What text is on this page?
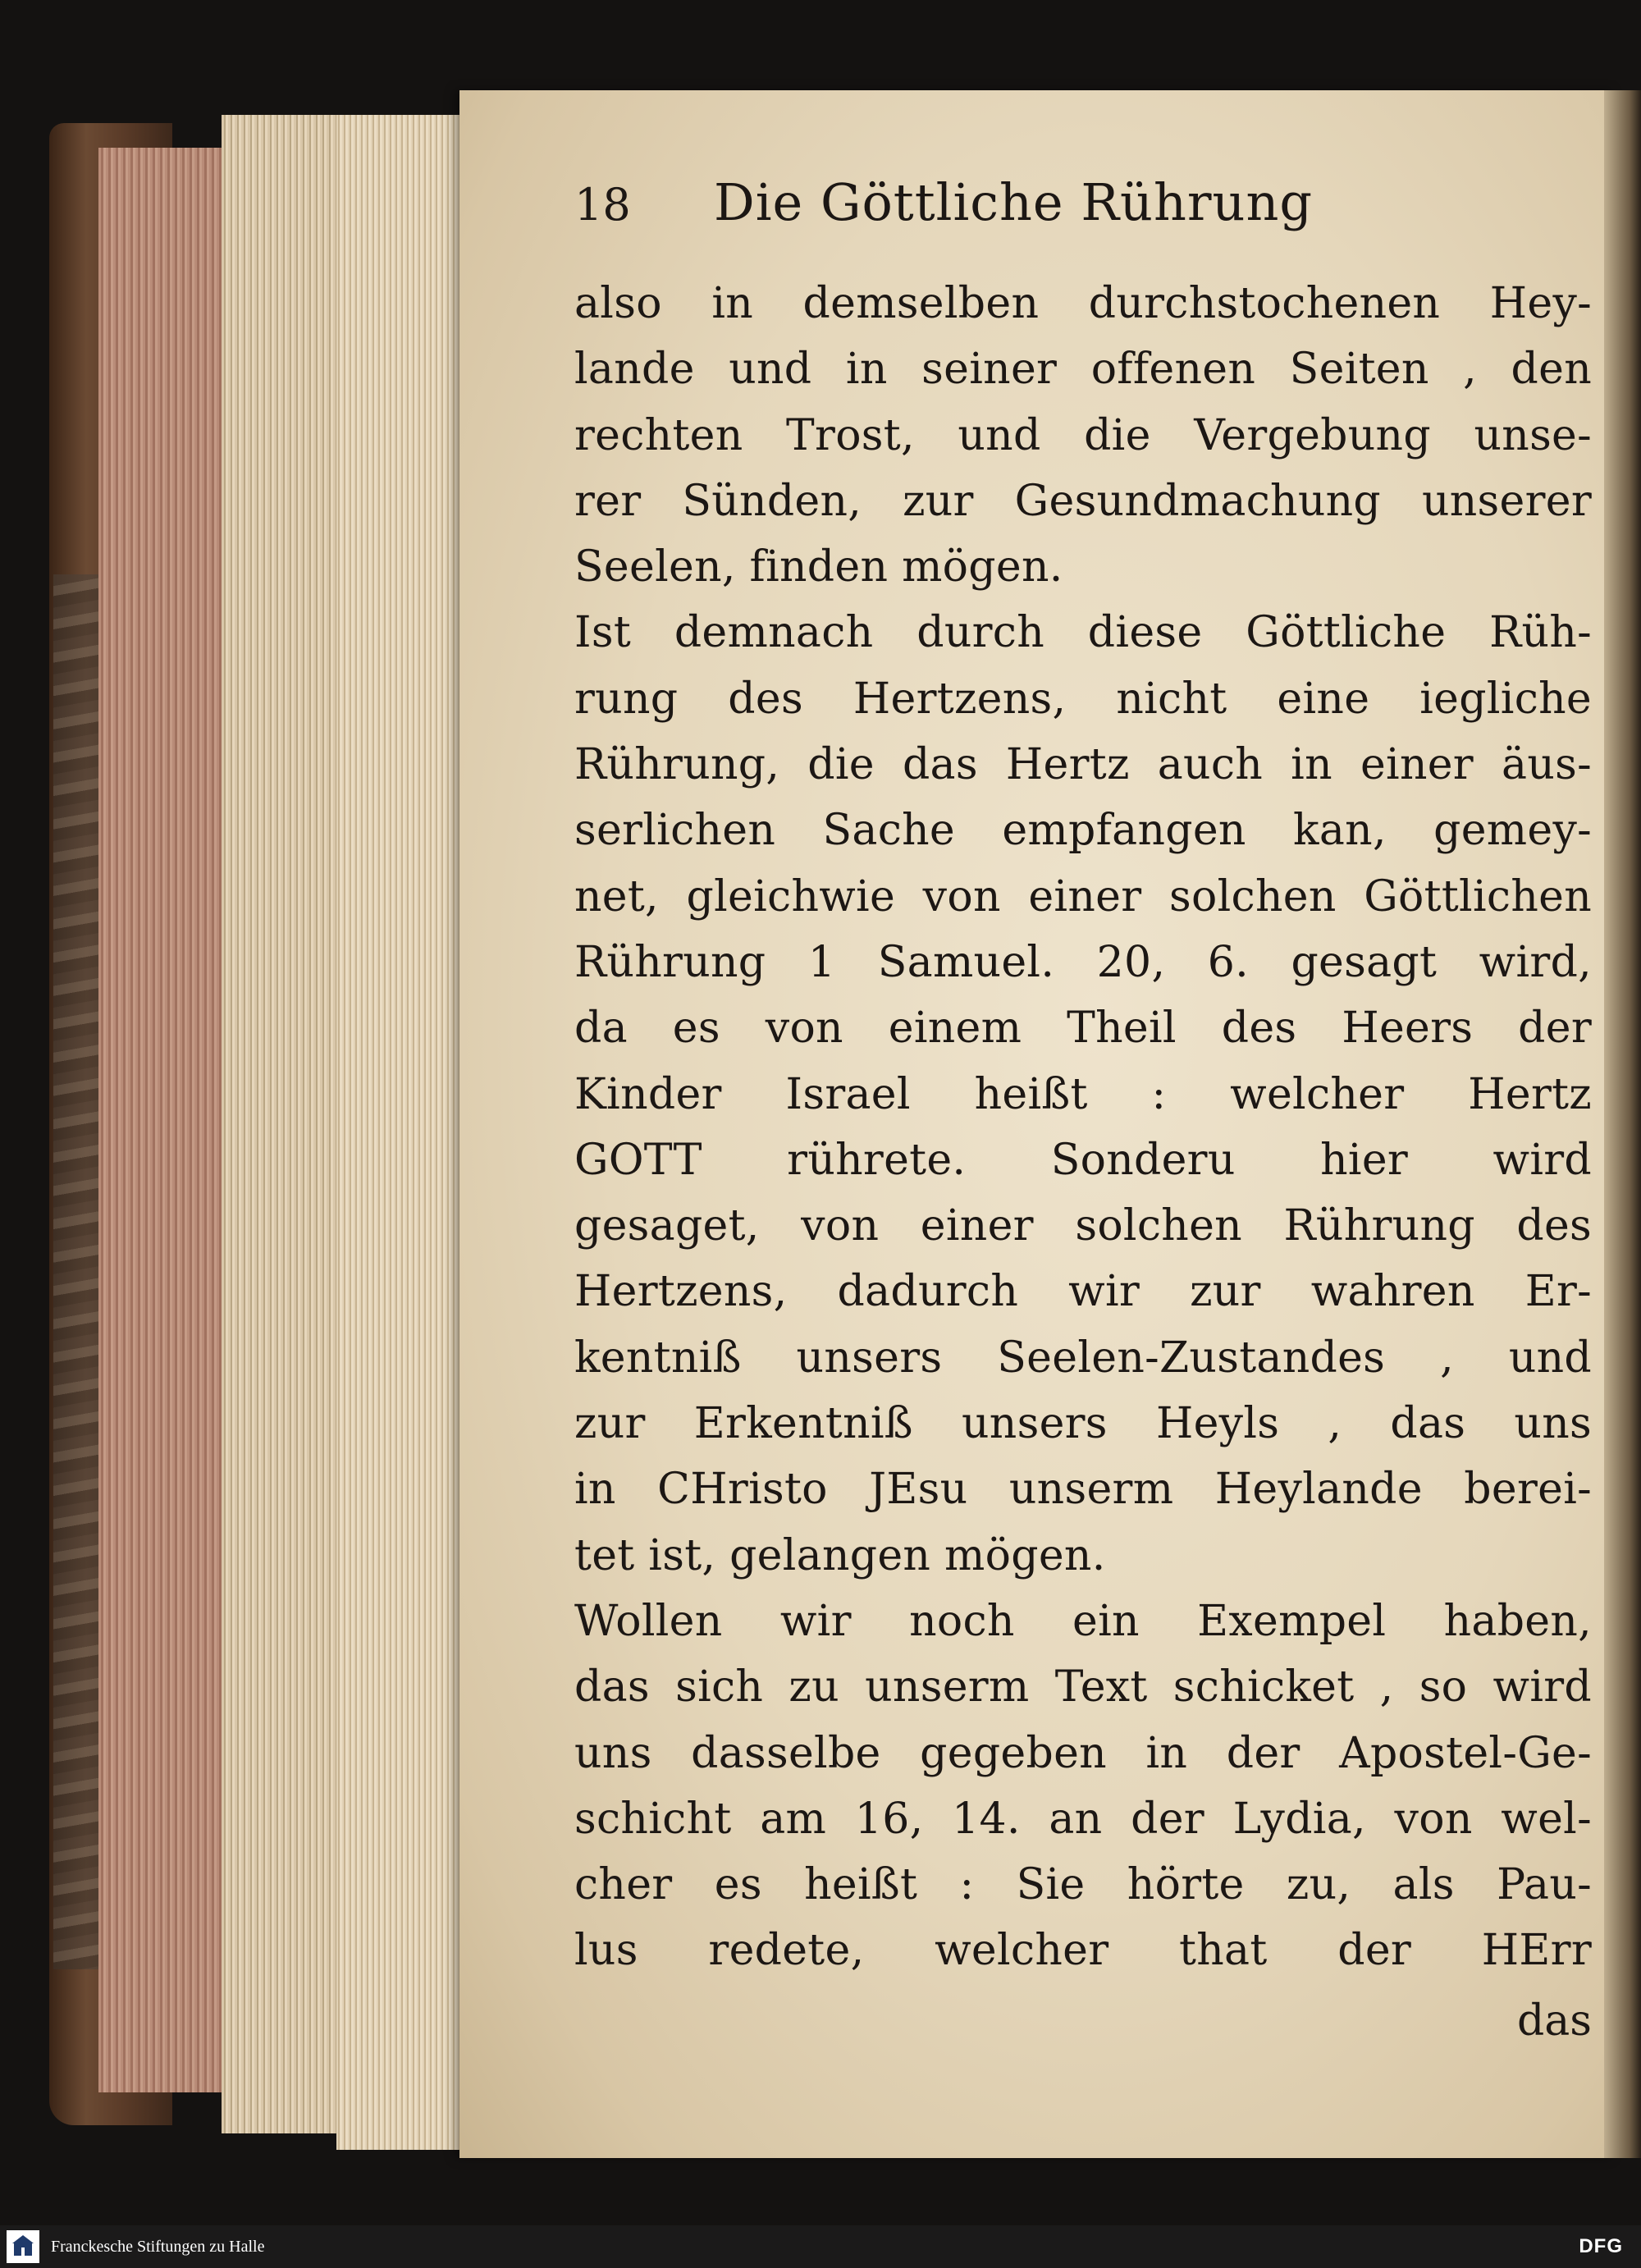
18	Die Göttliche Rührung
also in demselben durchstochenen Hey-
lande und in seiner offenen Seiten , den
rechten Trost, und die Vergebung unse-
rer Sünden, zur Gesundmachung unserer
Seelen, finden mögen.
Ist demnach durch diese Göttliche Rüh-
rung des Hertzens, nicht eine iegliche
Rührung, die das Hertz auch in einer äus-
serlichen Sache empfangen kan, gemey-
net, gleichwie von einer solchen Göttlichen
Rührung 1 Samuel. 20, 6. gesagt wird,
da es von einem Theil des Heers der
Kinder Israel heißt : welcher Hertz
GOTT rührete. Sonderu hier wird
gesaget, von einer solchen Rührung des
Hertzens, dadurch wir zur wahren Er-
kentniß unsers Seelen-Zustandes , und
zur Erkentniß unsers Heyls , das uns
in CHristo JEsu unserm Heylande berei-
tet ist, gelangen mögen.
Wollen wir noch ein Exempel haben,
das sich zu unserm Text schicket , so wird
uns dasselbe gegeben in der Apostel-Ge-
schicht am 16, 14. an der Lydia, von wel-
cher es heißt : Sie hörte zu, als Pau-
lus redete, welcher that der HErr
das
Franckesche Stiftungen zu Halle	DFG
